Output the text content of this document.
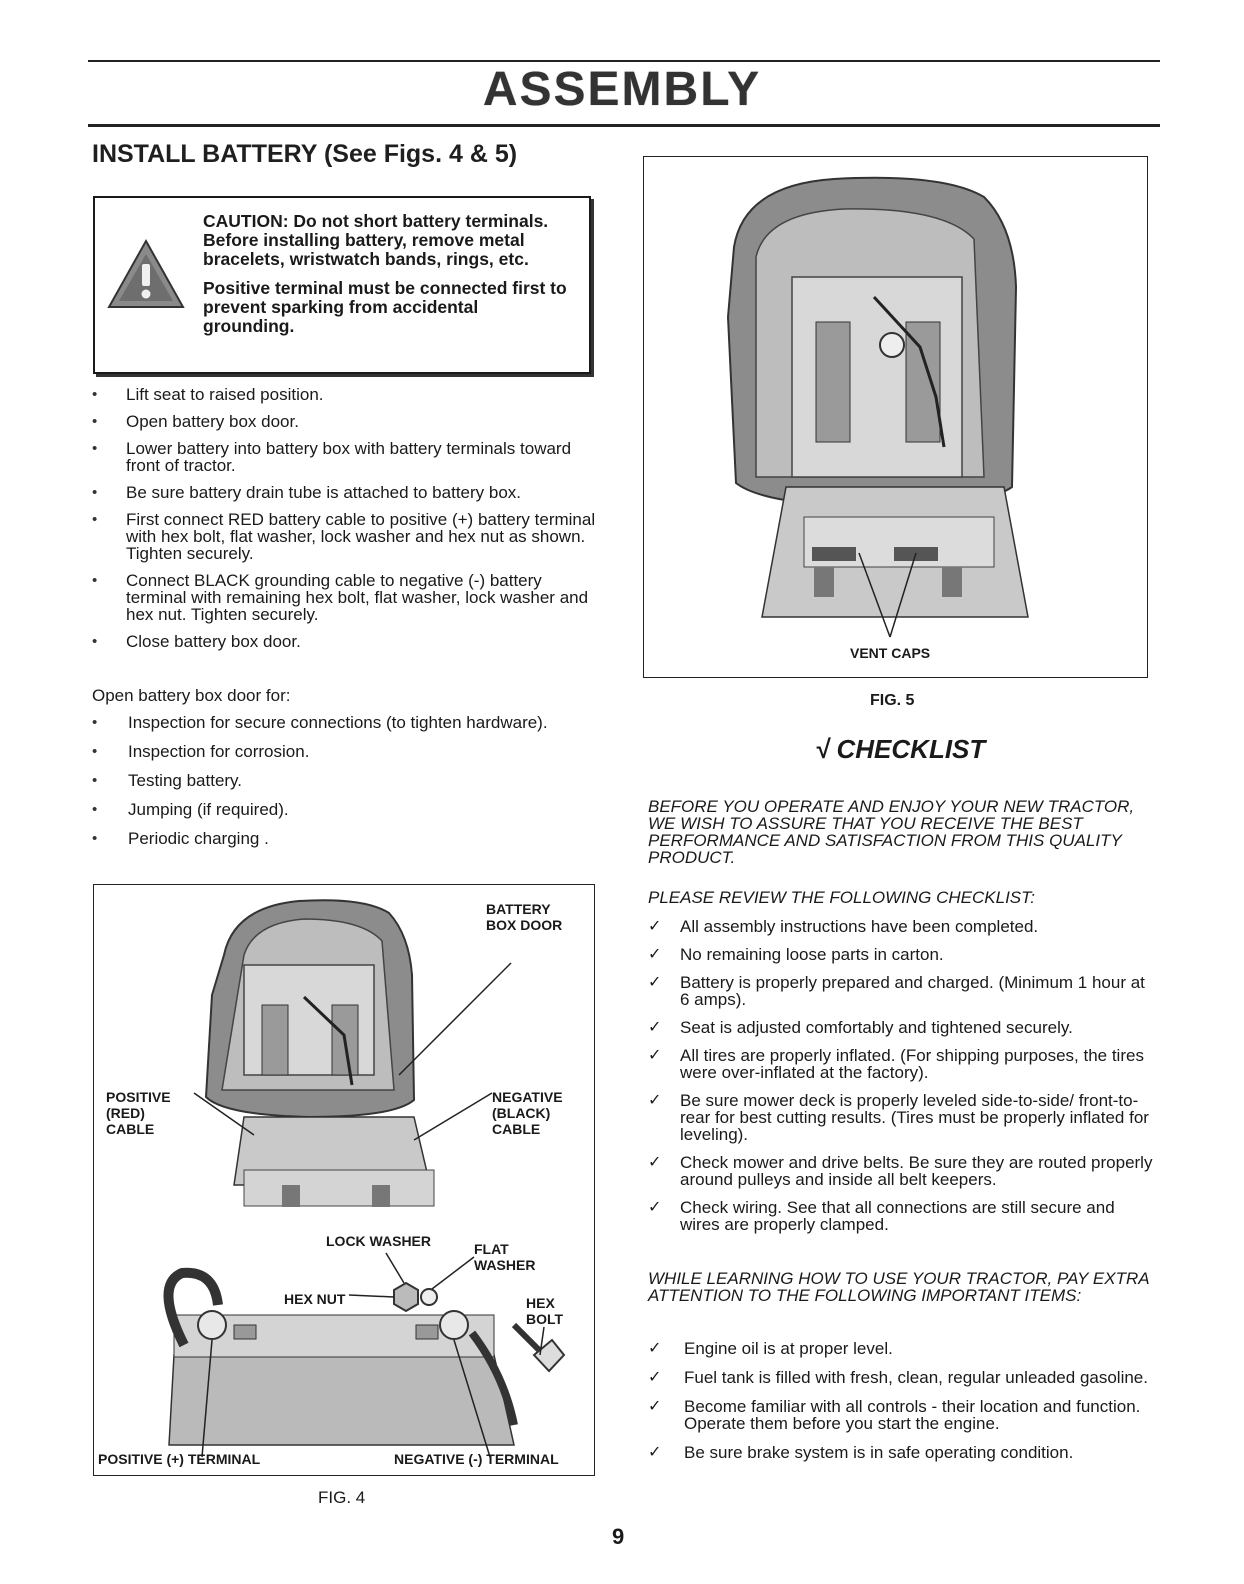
ASSEMBLY
INSTALL BATTERY (See Figs. 4 & 5)

CAUTION: Do not short battery terminals. Before installing battery, remove metal bracelets, wristwatch bands, rings, etc.

Positive terminal must be connected first to prevent sparking from accidental grounding.

• Lift seat to raised position.
• Open battery box door.
• Lower battery into battery box with battery terminals toward front of tractor.
• Be sure battery drain tube is attached to battery box.
• First connect RED battery cable to positive (+) battery terminal with hex bolt, flat washer, lock washer and hex nut as shown. Tighten securely.
• Connect BLACK grounding cable to negative (-) battery terminal with remaining hex bolt, flat washer, lock washer and hex nut. Tighten securely.
• Close battery box door.
Open battery box door for:
• Inspection for secure connections (to tighten hardware).
• Inspection for corrosion.
• Testing battery.
• Jumping (if required).
• Periodic charging .
BATTERY BOX DOOR
POSITIVE (RED) CABLE
NEGATIVE (BLACK) CABLE
LOCK WASHER	FLAT WASHER
HEX NUT	HEX BOLT
POSITIVE (+) TERMINAL	NEGATIVE (-) TERMINAL
FIG. 4
VENT CAPS
FIG. 5
√ CHECKLIST
BEFORE YOU OPERATE AND ENJOY YOUR NEW TRACTOR, WE WISH TO ASSURE THAT YOU RECEIVE THE BEST PERFORMANCE AND SATISFACTION FROM THIS QUALITY PRODUCT.
PLEASE REVIEW THE FOLLOWING CHECKLIST:
✓ All assembly instructions have been completed.
✓ No remaining loose parts in carton.
✓ Battery is properly prepared and charged. (Minimum 1 hour at 6 amps).
✓ Seat is adjusted comfortably and tightened securely.
✓ All tires are properly inflated. (For shipping purposes, the tires were over-inflated at the factory).
✓ Be sure mower deck is properly leveled side-to-side/ front-to-rear for best cutting results. (Tires must be properly inflated for leveling).
✓ Check mower and drive belts. Be sure they are routed properly around pulleys and inside all belt keepers.
✓ Check wiring. See that all connections are still secure and wires are properly clamped.
WHILE LEARNING HOW TO USE YOUR TRACTOR, PAY EXTRA ATTENTION TO THE FOLLOWING IMPORTANT ITEMS:
✓ Engine oil is at proper level.
✓ Fuel tank is filled with fresh, clean, regular unleaded gasoline.
✓ Become familiar with all controls - their location and function. Operate them before you start the engine.
✓ Be sure brake system is in safe operating condition.
9
